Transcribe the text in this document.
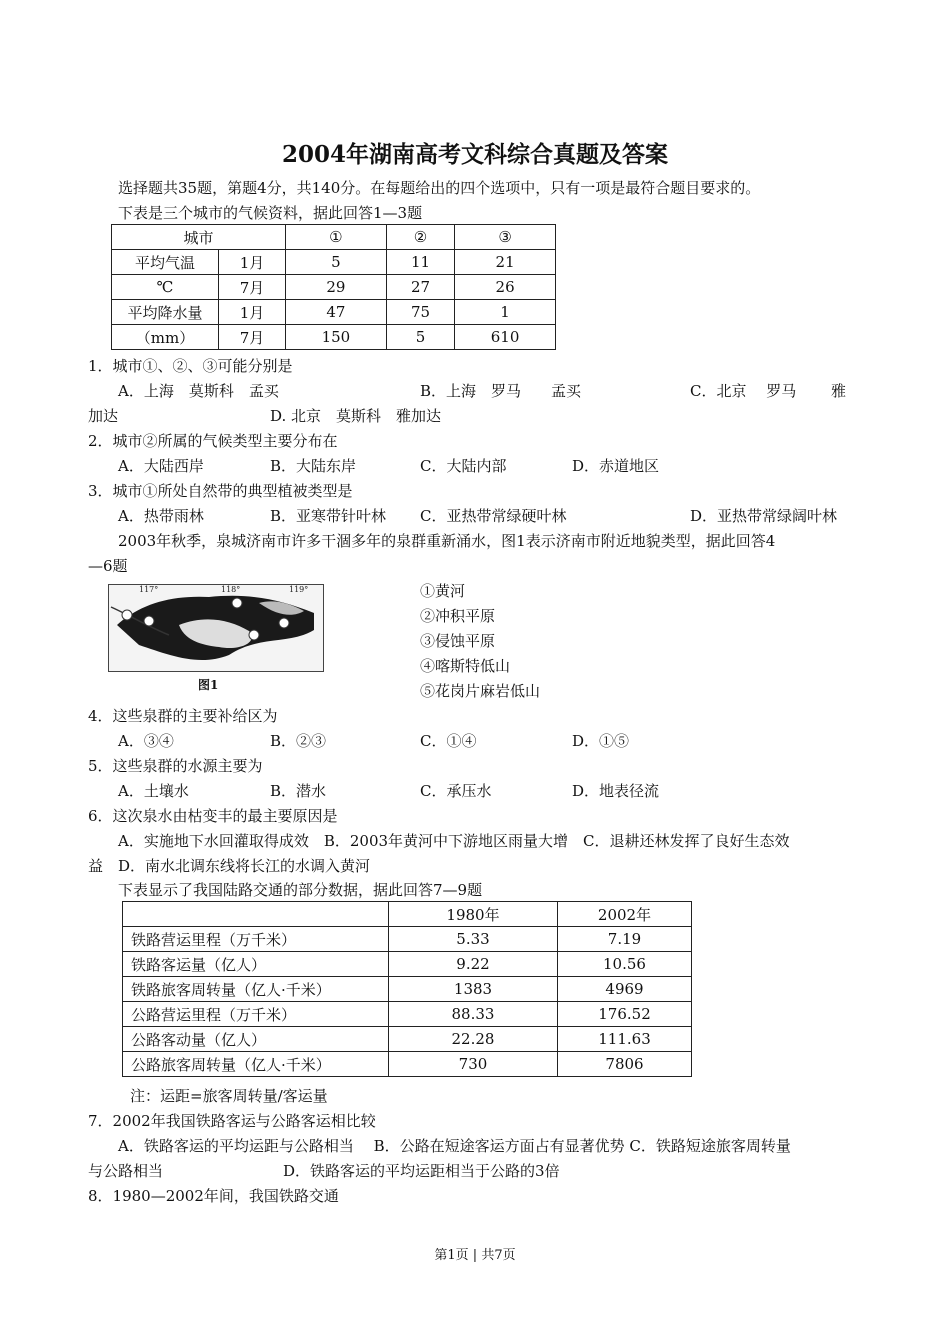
2004年湖南高考文科综合真题及答案
选择题共35题，第题4分，共140分。在每题给出的四个选项中，只有一项是最符合题目要求的。
下表是三个城市的气候资料，据此回答1—3题
城市		①	②	③
平均气温	1月	5	11	21
℃	7月	29	27	26
平均降水量	1月	47	75	1
（mm）	7月	150	5	610
1．城市①、②、③可能分别是
A．上海　莫斯科　孟买	B．上海　罗马　　孟买	C．北京　 罗马　　 雅
加达	D. 北京　莫斯科　雅加达
2．城市②所属的气候类型主要分布在
A．大陆西岸	B．大陆东岸	C．大陆内部	D．赤道地区
3．城市①所处自然带的典型植被类型是
A．热带雨林	B．亚寒带针叶林 C．亚热带常绿硬叶林	D．亚热带常绿阔叶林
2003年秋季，泉城济南市许多干涸多年的泉群重新涌水，图1表示济南市附近地貌类型，据此回答4
—6题
117°	118°	119°
图1
①黄河
②冲积平原
③侵蚀平原
④喀斯特低山
⑤花岗片麻岩低山
4．这些泉群的主要补给区为
A．③④	B．②③	C．①④	D．①⑤
5．这些泉群的水源主要为
A．土壤水	B．潜水	C．承压水	D．地表径流
6．这次泉水由枯变丰的最主要原因是
A．实施地下水回灌取得成效　B．2003年黄河中下游地区雨量大增　C．退耕还林发挥了良好生态效
益　D．南水北调东线将长江的水调入黄河
下表显示了我国陆路交通的部分数据，据此回答7—9题
	1980年	2002年
铁路营运里程（万千米）	5.33	7.19
铁路客运量（亿人）	9.22	10.56
铁路旅客周转量（亿人·千米）	1383	4969
公路营运里程（万千米）	88.33	176.52
公路客动量（亿人）	22.28	111.63
公路旅客周转量（亿人·千米）	730	7806
注：运距=旅客周转量/客运量
7．2002年我国铁路客运与公路客运相比较
A．铁路客运的平均运距与公路相当　 B．公路在短途客运方面占有显著优势 C．铁路短途旅客周转量
与公路相当　　　　　　　　D．铁路客运的平均运距相当于公路的3倍
8．1980—2002年间，我国铁路交通
第1页 | 共7页
